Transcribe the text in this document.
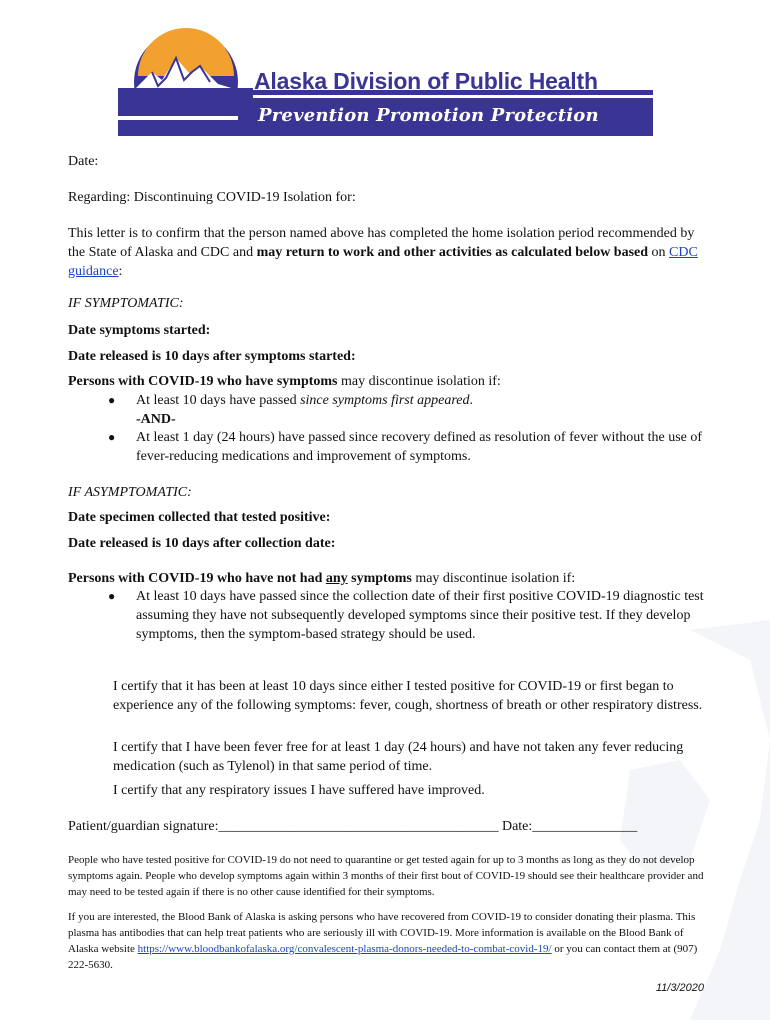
Alaska Division of Public Health
Prevention Promotion Protection
Date:
Regarding: Discontinuing COVID-19 Isolation for:
This letter is to confirm that the person named above has completed the home isolation period recommended by the State of Alaska and CDC and may return to work and other activities as calculated below based on CDC guidance:
IF SYMPTOMATIC:
Date symptoms started:
Date released is 10 days after symptoms started:
Persons with COVID-19 who have symptoms may discontinue isolation if:
● At least 10 days have passed since symptoms first appeared.
-AND-
● At least 1 day (24 hours) have passed since recovery defined as resolution of fever without the use of fever-reducing medications and improvement of symptoms.
IF ASYMPTOMATIC:
Date specimen collected that tested positive:
Date released is 10 days after collection date:
Persons with COVID-19 who have not had any symptoms may discontinue isolation if:
● At least 10 days have passed since the collection date of their first positive COVID-19 diagnostic test assuming they have not subsequently developed symptoms since their positive test. If they develop symptoms, then the symptom-based strategy should be used.
I certify that it has been at least 10 days since either I tested positive for COVID-19 or first began to experience any of the following symptoms: fever, cough, shortness of breath or other respiratory distress.
I certify that I have been fever free for at least 1 day (24 hours) and have not taken any fever reducing medication (such as Tylenol) in that same period of time.
I certify that any respiratory issues I have suffered have improved.
Patient/guardian signature:________________________________________ Date:_______________
People who have tested positive for COVID-19 do not need to quarantine or get tested again for up to 3 months as long as they do not develop symptoms again. People who develop symptoms again within 3 months of their first bout of COVID-19 should see their healthcare provider and may need to be tested again if there is no other cause identified for their symptoms.
If you are interested, the Blood Bank of Alaska is asking persons who have recovered from COVID-19 to consider donating their plasma. This plasma has antibodies that can help treat patients who are seriously ill with COVID-19. More information is available on the Blood Bank of Alaska website https://www.bloodbankofalaska.org/convalescent-plasma-donors-needed-to-combat-covid-19/ or you can contact them at (907) 222-5630.
11/3/2020
